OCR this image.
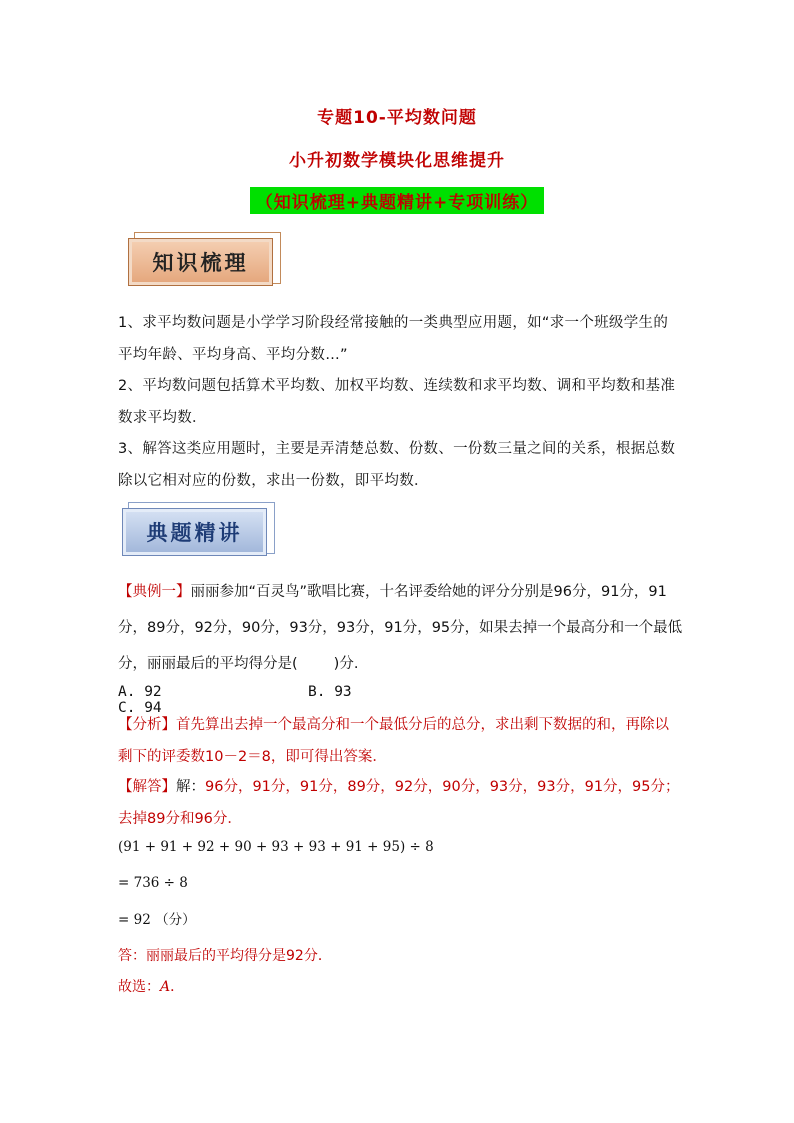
专题10-平均数问题
小升初数学模块化思维提升
（知识梳理+典题精讲+专项训练）
知识梳理
1、求平均数问题是小学学习阶段经常接触的一类典型应用题，如“求一个班级学生的平均年龄、平均身高、平均分数…”
2、平均数问题包括算术平均数、加权平均数、连续数和求平均数、调和平均数和基准数求平均数．
3、解答这类应用题时，主要是弄清楚总数、份数、一份数三量之间的关系，根据总数除以它相对应的份数，求出一份数，即平均数．
典题精讲
【典例一】丽丽参加“百灵鸟”歌唱比赛，十名评委给她的评分分别是96分，91分，91分，89分，92分，90分，93分，93分，91分，95分，如果去掉一个最高分和一个最低分，丽丽最后的平均得分是( )分.
A. 92	B. 93C. 94
【分析】首先算出去掉一个最高分和一个最低分后的总分，求出剩下数据的和，再除以剩下的评委数10－2＝8，即可得出答案．
【解答】解：96分，91分，91分，89分，92分，90分，93分，93分，91分，95分；去掉89分和96分．
(91 + 91 + 92 + 90 + 93 + 93 + 91 + 95) ÷ 8
= 736 ÷ 8
= 92 （分）
答：丽丽最后的平均得分是92分．
故选：A．
